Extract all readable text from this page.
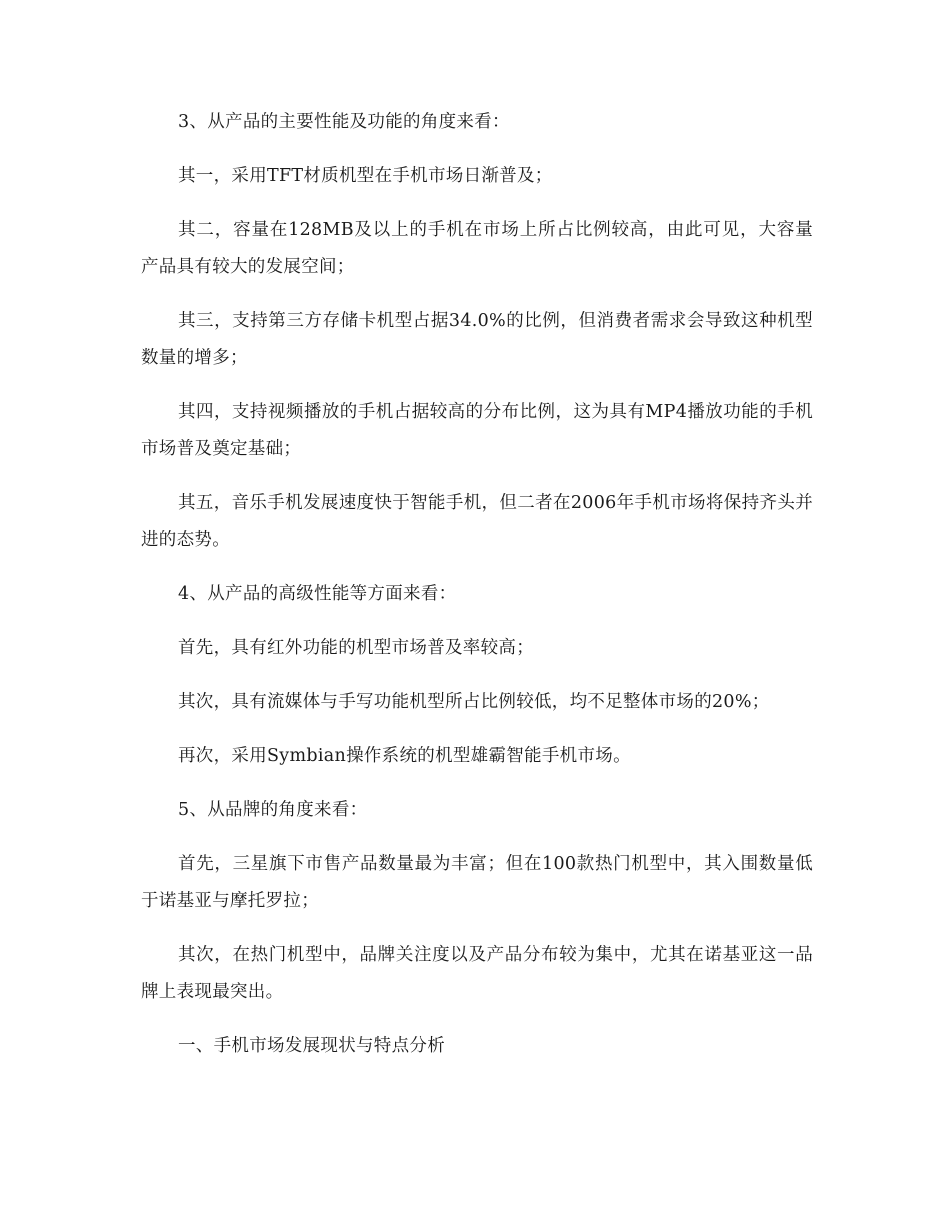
3、从产品的主要性能及功能的角度来看：

其一，采用TFT材质机型在手机市场日渐普及；

其二，容量在128MB及以上的手机在市场上所占比例较高，由此可见，大容量产品具有较大的发展空间；

其三，支持第三方存储卡机型占据34.0%的比例，但消费者需求会导致这种机型数量的增多；

其四，支持视频播放的手机占据较高的分布比例，这为具有MP4播放功能的手机市场普及奠定基础；

其五，音乐手机发展速度快于智能手机，但二者在2006年手机市场将保持齐头并进的态势。

4、从产品的高级性能等方面来看：

首先，具有红外功能的机型市场普及率较高；

其次，具有流媒体与手写功能机型所占比例较低，均不足整体市场的20%；

再次，采用Symbian操作系统的机型雄霸智能手机市场。

5、从品牌的角度来看：

首先，三星旗下市售产品数量最为丰富；但在100款热门机型中，其入围数量低于诺基亚与摩托罗拉；

其次，在热门机型中，品牌关注度以及产品分布较为集中，尤其在诺基亚这一品牌上表现最突出。

一、手机市场发展现状与特点分析
